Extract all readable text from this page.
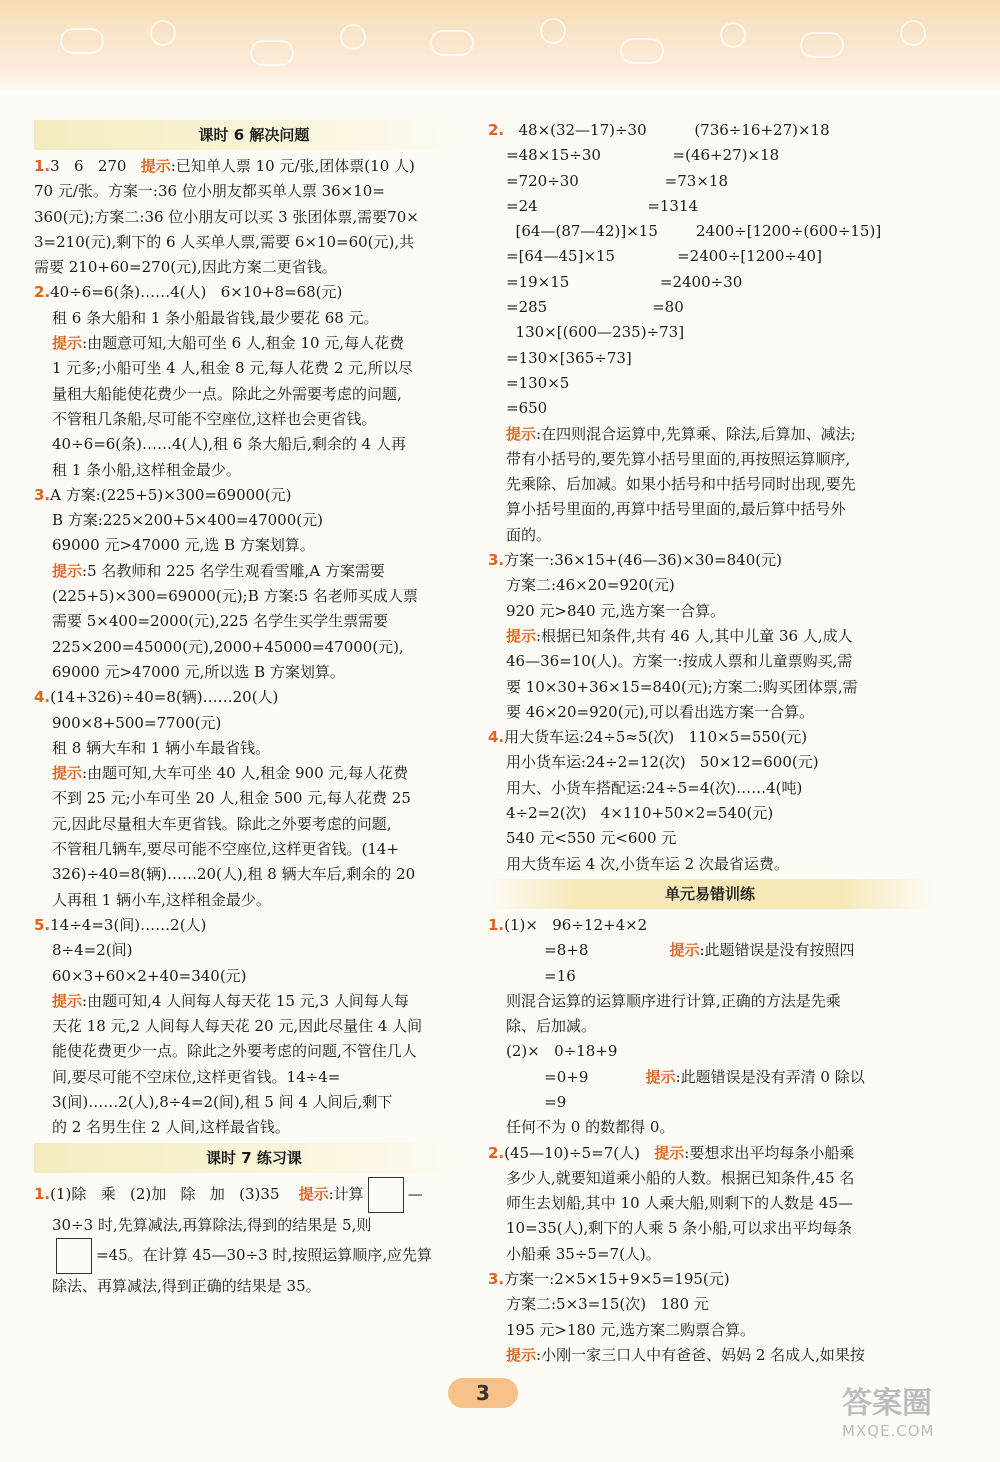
课时 6 解决问题
1.3   6   270   提示:已知单人票 10 元/张,团体票(10 人)
70 元/张。方案一:36 位小朋友都买单人票 36×10=
360(元);方案二:36 位小朋友可以买 3 张团体票,需要70×
3=210(元),剩下的 6 人买单人票,需要 6×10=60(元),共
需要 210+60=270(元),因此方案二更省钱。
2.40÷6=6(条)……4(人)   6×10+8=68(元)
租 6 条大船和 1 条小船最省钱,最少要花 68 元。
提示:由题意可知,大船可坐 6 人,租金 10 元,每人花费
1 元多;小船可坐 4 人,租金 8 元,每人花费 2 元,所以尽
量租大船能使花费少一点。除此之外需要考虑的问题,
不管租几条船,尽可能不空座位,这样也会更省钱。
40÷6=6(条)……4(人),租 6 条大船后,剩余的 4 人再
租 1 条小船,这样租金最少。
3.A 方案:(225+5)×300=69000(元)
B 方案:225×200+5×400=47000(元)
69000 元>47000 元,选 B 方案划算。
提示:5 名教师和 225 名学生观看雪雕,A 方案需要
(225+5)×300=69000(元);B 方案:5 名老师买成人票
需要 5×400=2000(元),225 名学生买学生票需要
225×200=45000(元),2000+45000=47000(元),
69000 元>47000 元,所以选 B 方案划算。
4.(14+326)÷40=8(辆)……20(人)
900×8+500=7700(元)
租 8 辆大车和 1 辆小车最省钱。
提示:由题可知,大车可坐 40 人,租金 900 元,每人花费
不到 25 元;小车可坐 20 人,租金 500 元,每人花费 25
元,因此尽量租大车更省钱。除此之外要考虑的问题,
不管租几辆车,要尽可能不空座位,这样更省钱。(14+
326)÷40=8(辆)……20(人),租 8 辆大车后,剩余的 20
人再租 1 辆小车,这样租金最少。
5.14÷4=3(间)……2(人)
8÷4=2(间)
60×3+60×2+40=340(元)
提示:由题可知,4 人间每人每天花 15 元,3 人间每人每
天花 18 元,2 人间每人每天花 20 元,因此尽量住 4 人间
能使花费更少一点。除此之外要考虑的问题,不管住几人
间,要尽可能不空床位,这样更省钱。14÷4=
3(间)……2(人),8÷4=2(间),租 5 间 4 人间后,剩下
的 2 名男生住 2 人间,这样最省钱。
课时 7 练习课
1.(1)除   乘   (2)加   除   加   (3)35    提示:计算	—
30÷3 时,先算减法,再算除法,得到的结果是 5,则
=45。在计算 45—30÷3 时,按照运算顺序,应先算
除法、再算减法,得到正确的结果是 35。
2.   48×(32—17)÷30          (736÷16+27)×18
=48×15÷30               =(46+27)×18
=720÷30                  =73×18
=24                       =1314
[64—(87—42)]×15        2400÷[1200÷(600÷15)]
=[64—45]×15             =2400÷[1200÷40]
=19×15                   =2400÷30
=285                      =80
130×[(600—235)÷73]
=130×[365÷73]
=130×5
=650
提示:在四则混合运算中,先算乘、除法,后算加、减法;
带有小括号的,要先算小括号里面的,再按照运算顺序,
先乘除、后加减。如果小括号和中括号同时出现,要先
算小括号里面的,再算中括号里面的,最后算中括号外
面的。
3.方案一:36×15+(46—36)×30=840(元)
方案二:46×20=920(元)
920 元>840 元,选方案一合算。
提示:根据已知条件,共有 46 人,其中儿童 36 人,成人
46—36=10(人)。方案一:按成人票和儿童票购买,需
要 10×30+36×15=840(元);方案二:购买团体票,需
要 46×20=920(元),可以看出选方案一合算。
4.用大货车运:24÷5≈5(次)   110×5=550(元)
用小货车运:24÷2=12(次)   50×12=600(元)
用大、小货车搭配运:24÷5=4(次)……4(吨)
4÷2=2(次)   4×110+50×2=540(元)
540 元<550 元<600 元
用大货车运 4 次,小货车运 2 次最省运费。
单元易错训练
1.(1)×   96÷12+4×2
=8+8                 提示:此题错误是没有按照四
=16
则混合运算的运算顺序进行计算,正确的方法是先乘
除、后加减。
(2)×   0÷18+9
=0+9            提示:此题错误是没有弄清 0 除以
=9
任何不为 0 的数都得 0。
2.(45—10)÷5=7(人)   提示:要想求出平均每条小船乘
多少人,就要知道乘小船的人数。根据已知条件,45 名
师生去划船,其中 10 人乘大船,则剩下的人数是 45—
10=35(人),剩下的人乘 5 条小船,可以求出平均每条
小船乘 35÷5=7(人)。
3.方案一:2×5×15+9×5=195(元)
方案二:5×3=15(次)   180 元
195 元>180 元,选方案二购票合算。
提示:小刚一家三口人中有爸爸、妈妈 2 名成人,如果按
3	答案圈
MXQE.COM
